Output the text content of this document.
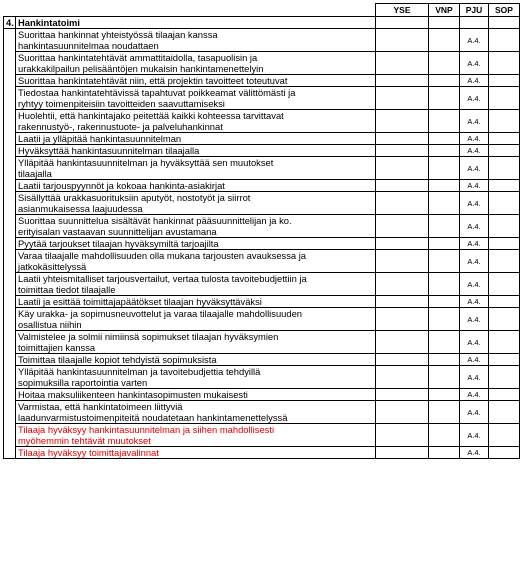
		YSE	VNP	PJU	SOP
4.	Hankintatoimi				

	Suorittaa hankinnat yhteistyössä tilaajan kanssa
hankintasuunnitelmaa noudattaen			A.4.	

	Suorittaa hankintatehtävät ammattitaidolla, tasapuolisin ja
urakkakilpailun pelisääntöjen mukaisin hankintamenettelyin			A.4.	

	Suorittaa hankintatehtävät niin, että projektin tavoitteet toteutuvat			A.4.	

	Tiedostaa hankintatehtävissä tapahtuvat poikkeamat välittömästi ja
ryhtyy toimenpiteisiin tavoitteiden saavuttamiseksi			A.4.	

	Huolehtii, että hankintajako peitettää kaikki kohteessa tarvittavat
rakennustyö-, rakennustuote- ja palveluhankinnat			A.4.	

	Laatii ja ylläpitää hankintasuunnitelman			A.4.	

	Hyväksyttää hankintasuunnitelman tilaajalla			A.4.	

	Ylläpitää hankintasuunnitelman ja hyväksyttää sen muutokset
tilaajalla			A.4.	

	Laatii tarjouspyynnöt ja kokoaa hankinta-asiakirjat			A.4.	

	Sisällyttää urakkasuorituksiin aputyöt, nostotyöt ja siirrot
asianmukaisessa laajuudessa			A.4.	

	Suorittaa suunnittelua sisältävät hankinnat pääsuunnittelijan ja ko.
erityisalan vastaavan suunnittelijan avustamana			A.4.	

	Pyytää tarjoukset tilaajan hyväksymiltä tarjoajilta			A.4.	

	Varaa tilaajalle mahdollisuuden olla mukana tarjousten avauksessa ja
jatkokäsittelyssä			A.4.	

	Laatii yhteismitalliset tarjousvertailut, vertaa tulosta tavoitebudjettiin ja
toimittaa tiedot tilaajalle			A.4.	

	Laatii ja esittää toimittajapäätökset tilaajan hyväksyttäväksi			A.4.	

	Käy urakka- ja sopimusneuvottelut ja varaa tilaajalle mahdollisuuden
osallistua niihin			A.4.	

	Valmistelee ja solmii nimiinsä sopimukset tilaajan hyväksymien
toimittajien kanssa			A.4.	

	Toimittaa tilaajalle kopiot tehdyistä sopimuksista			A.4.	

	Ylläpitää hankintasuunnitelman ja tavoitebudjettia tehdyillä
sopimuksilla raportointia varten			A.4.	

	Hoitaa maksuliikenteen hankintasopimusten mukaisesti			A.4.	

	Varmistaa, että hankintatoimeen liittyviä
laadunvarmistustoimenpiteitä noudatetaan hankintamenettelyssä			A.4.	

	Tilaaja hyväksyy hankintasuunnitelman ja siihen mahdollisesti
myöhemmin tehtävät muutokset			A.4.	

	Tilaaja hyväksyy toimittajavalinnat			A.4.	
